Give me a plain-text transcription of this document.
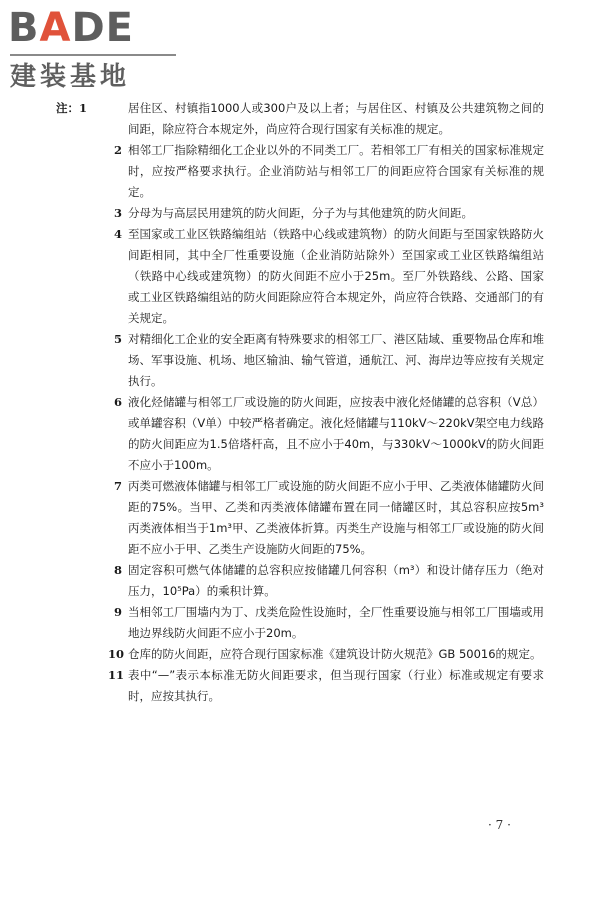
BADE
建装基地
注：1	居住区、村镇指1000人或300户及以上者；与居住区、村镇及公共建筑物之间的间距，除应符合本规定外，尚应符合现行国家有关标准的规定。

2 相邻工厂指除精细化工企业以外的不同类工厂。若相邻工厂有相关的国家标准规定时，应按严格要求执行。企业消防站与相邻工厂的间距应符合国家有关标准的规定。

3 分母为与高层民用建筑的防火间距，分子为与其他建筑的防火间距。

4 至国家或工业区铁路编组站（铁路中心线或建筑物）的防火间距与至国家铁路防火间距相同，其中全厂性重要设施（企业消防站除外）至国家或工业区铁路编组站（铁路中心线或建筑物）的防火间距不应小于25m。至厂外铁路线、公路、国家或工业区铁路编组站的防火间距除应符合本规定外，尚应符合铁路、交通部门的有关规定。

5 对精细化工企业的安全距离有特殊要求的相邻工厂、港区陆域、重要物品仓库和堆场、军事设施、机场、地区输油、输气管道，通航江、河、海岸边等应按有关规定执行。

6 液化烃储罐与相邻工厂或设施的防火间距，应按表中液化烃储罐的总容积（V总）或单罐容积（V单）中较严格者确定。液化烃储罐与110kV～220kV架空电力线路的防火间距应为1.5倍塔杆高，且不应小于40m，与330kV～1000kV的防火间距不应小于100m。

7 丙类可燃液体储罐与相邻工厂或设施的防火间距不应小于甲、乙类液体储罐防火间距的75%。当甲、乙类和丙类液体储罐布置在同一储罐区时，其总容积应按5m³丙类液体相当于1m³甲、乙类液体折算。丙类生产设施与相邻工厂或设施的防火间距不应小于甲、乙类生产设施防火间距的75%。

8 固定容积可燃气体储罐的总容积应按储罐几何容积（m³）和设计储存压力（绝对压力，10⁵Pa）的乘积计算。

9 当相邻工厂围墙内为丁、戊类危险性设施时，全厂性重要设施与相邻工厂围墙或用地边界线防火间距不应小于20m。

10 仓库的防火间距，应符合现行国家标准《建筑设计防火规范》GB 50016的规定。

11 表中“—”表示本标准无防火间距要求，但当现行国家（行业）标准或规定有要求时，应按其执行。

· 7 ·
